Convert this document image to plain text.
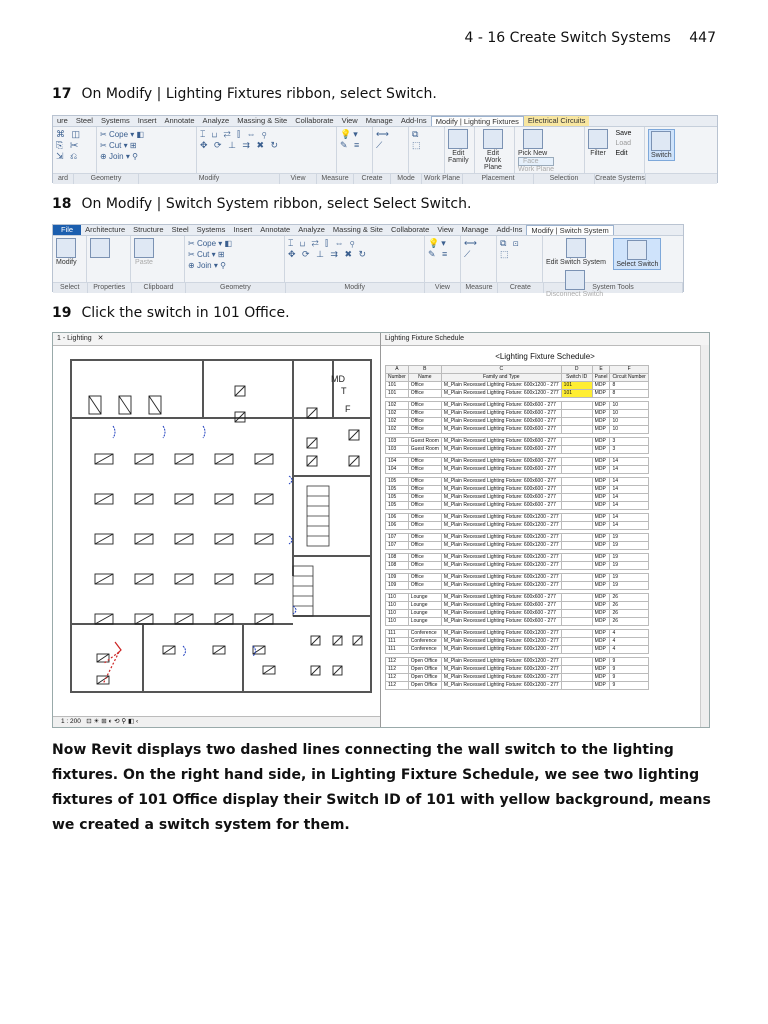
4 - 16 Create Switch Systems 447
17 On Modify | Lighting Fixtures ribbon, select Switch.
ure	Steel	Systems	Insert	Annotate	Analyze	Massing & Site	Collaborate	View	Manage	Add-Ins	Modify | Lighting Fixtures	Electrical Circuits
⌘ ◫
⎘ ✂
⇲ ⎌
✂ Cope ▾ ◧
✂ Cut ▾ ⊞
⊕ Join ▾ ⚲
⌶ ⊔ ⇄ ⫿ ⇔ ⚲
✥ ⟳ ⊥ ⇉ ✖ ↻
💡▾
✎ ≡
⟷
⟋
⧉
⬚
Edit Family
Edit Work Plane
Pick New
Face
Work Plane
Filter
Save
Load
Edit	Switch
ard	Geometry	Modify	View	Measure	Create	Mode	Work Plane	Placement	Selection	Create Systems
18 On Modify | Switch System ribbon, select Select Switch.
File	Architecture	Structure	Steel	Systems	Insert	Annotate	Analyze	Massing & Site	Collaborate	View	Manage	Add-Ins	Modify | Switch System
Modify	Paste
✂ Cope ▾ ◧
✂ Cut ▾ ⊞
⊕ Join ▾ ⚲
⌶ ⊔ ⇄ ⫿ ⇔ ⚲
✥ ⟳ ⊥ ⇉ ✖ ↻
💡▾
✎ ≡
⟷
⟋
⧉ ⊡
⬚
Edit Switch System Select Switch
Disconnect Switch
Select	Properties	Clipboard	Geometry	Modify	View	Measure	Create	System Tools
19 Click the switch in 101 Office.
1 - Lighting ✕
MD
T
F
1 : 200   ⊡ ☀ ⊞ ◐ ⟲ ⚲ ◧ ‹
Lighting Fixture Schedule
<Lighting Fixture Schedule>
A	B	C	D	E	F
Number	Name	Family and Type	Switch ID	Panel	Circuit Number
101	Office	M_Plain Recessed Lighting Fixture: 600x1200 - 277	101	MDP	8
101	Office	M_Plain Recessed Lighting Fixture: 600x1200 - 277	101	MDP	8

102	Office	M_Plain Recessed Lighting Fixture: 600x600 - 277		MDP	10
102	Office	M_Plain Recessed Lighting Fixture: 600x600 - 277		MDP	10
102	Office	M_Plain Recessed Lighting Fixture: 600x600 - 277		MDP	10
102	Office	M_Plain Recessed Lighting Fixture: 600x600 - 277		MDP	10

103	Guest Room	M_Plain Recessed Lighting Fixture: 600x600 - 277		MDP	3
103	Guest Room	M_Plain Recessed Lighting Fixture: 600x600 - 277		MDP	3

104	Office	M_Plain Recessed Lighting Fixture: 600x600 - 277		MDP	14
104	Office	M_Plain Recessed Lighting Fixture: 600x600 - 277		MDP	14

105	Office	M_Plain Recessed Lighting Fixture: 600x600 - 277		MDP	14
105	Office	M_Plain Recessed Lighting Fixture: 600x600 - 277		MDP	14
105	Office	M_Plain Recessed Lighting Fixture: 600x600 - 277		MDP	14
105	Office	M_Plain Recessed Lighting Fixture: 600x600 - 277		MDP	14

106	Office	M_Plain Recessed Lighting Fixture: 600x1200 - 277		MDP	14
106	Office	M_Plain Recessed Lighting Fixture: 600x1200 - 277		MDP	14

107	Office	M_Plain Recessed Lighting Fixture: 600x1200 - 277		MDP	19
107	Office	M_Plain Recessed Lighting Fixture: 600x1200 - 277		MDP	19

108	Office	M_Plain Recessed Lighting Fixture: 600x1200 - 277		MDP	19
108	Office	M_Plain Recessed Lighting Fixture: 600x1200 - 277		MDP	19

109	Office	M_Plain Recessed Lighting Fixture: 600x1200 - 277		MDP	19
109	Office	M_Plain Recessed Lighting Fixture: 600x1200 - 277		MDP	19

110	Lounge	M_Plain Recessed Lighting Fixture: 600x600 - 277		MDP	26
110	Lounge	M_Plain Recessed Lighting Fixture: 600x600 - 277		MDP	26
110	Lounge	M_Plain Recessed Lighting Fixture: 600x600 - 277		MDP	26
110	Lounge	M_Plain Recessed Lighting Fixture: 600x600 - 277		MDP	26

111	Conference	M_Plain Recessed Lighting Fixture: 600x1200 - 277		MDP	4
111	Conference	M_Plain Recessed Lighting Fixture: 600x1200 - 277		MDP	4
111	Conference	M_Plain Recessed Lighting Fixture: 600x1200 - 277		MDP	4

112	Open Office	M_Plain Recessed Lighting Fixture: 600x1200 - 277		MDP	9
112	Open Office	M_Plain Recessed Lighting Fixture: 600x1200 - 277		MDP	9
112	Open Office	M_Plain Recessed Lighting Fixture: 600x1200 - 277		MDP	9
112	Open Office	M_Plain Recessed Lighting Fixture: 600x1200 - 277		MDP	9
Now Revit displays two dashed lines connecting the wall switch to the lighting fixtures. On the right hand side, in Lighting Fixture Schedule, we see two lighting fixtures of 101 Office display their Switch ID of 101 with yellow background, means we created a switch system for them.
